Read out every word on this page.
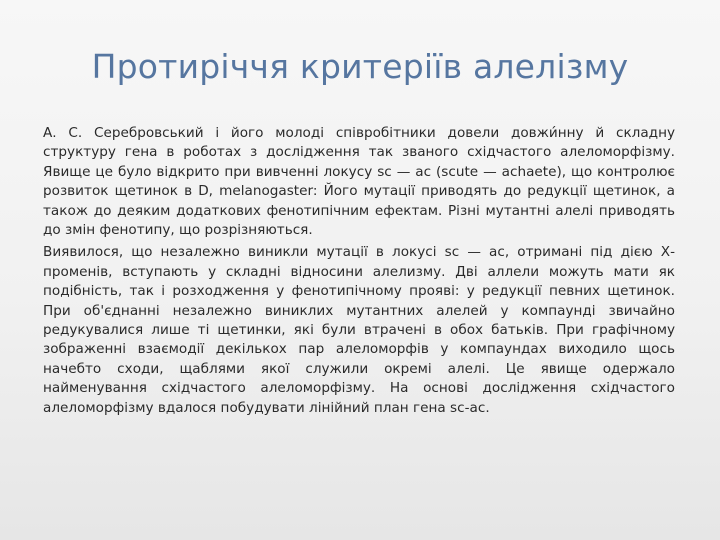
Протиріччя критеріїв алелізму

А. С. Серебровський і його молоді співробітники довели довжи́нну й складну структуру гена в роботах з дослідження так званого східчастого алеломорфізму. Явище це було відкрито при вивченні локусу sc — ac (scute — achaete), що контролює розвиток щетинок в D, melanogaster: Його мутації приводять до редукції щетинок, а також до деяким додаткових фенотипічним ефектам. Різні мутантні алелі приводять до змін фенотипу, що розрізняються.

Виявилося, що незалежно виникли мутації в локусі sc — ac, отримані під дією Х-променів, вступають у складні відносини алелизму. Дві аллели можуть мати як подібність, так і розходження у фенотипічному прояві: у редукції певних щетинок. При об'єднанні незалежно виниклих мутантних алелей у компаунді звичайно редукувалися лише ті щетинки, які були втрачені в обох батьків. При графічному зображенні взаємодії декількох пар алеломорфів у компаундах виходило щось начебто сходи, щаблями якої служили окремі алелі. Це явище одержало найменування східчастого алеломорфізму. На основі дослідження східчастого алеломорфізму вдалося побудувати лінійний план гена sc-ac.
